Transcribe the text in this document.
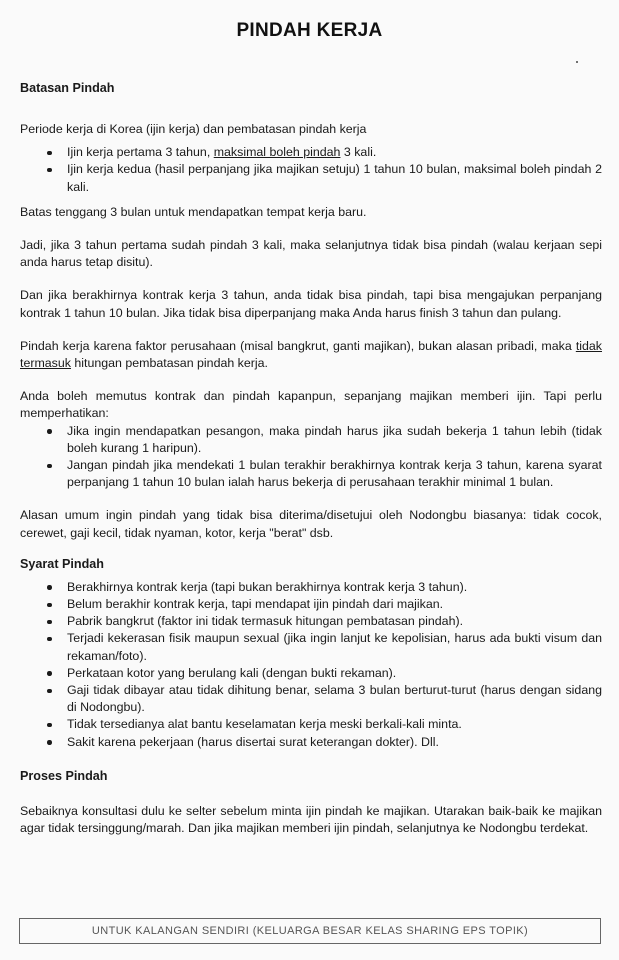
PINDAH KERJA
Batasan Pindah

Periode kerja di Korea (ijin kerja) dan pembatasan pindah kerja

Ijin kerja pertama 3 tahun, maksimal boleh pindah 3 kali.
Ijin kerja kedua (hasil perpanjang jika majikan setuju) 1 tahun 10 bulan, maksimal boleh pindah 2 kali.

Batas tenggang 3 bulan untuk mendapatkan tempat kerja baru.

Jadi, jika 3 tahun pertama sudah pindah 3 kali, maka selanjutnya tidak bisa pindah (walau kerjaan sepi anda harus tetap disitu).

Dan jika berakhirnya kontrak kerja 3 tahun, anda tidak bisa pindah, tapi bisa mengajukan perpanjang kontrak 1 tahun 10 bulan. Jika tidak bisa diperpanjang maka Anda harus finish 3 tahun dan pulang.

Pindah kerja karena faktor perusahaan (misal bangkrut, ganti majikan), bukan alasan pribadi, maka tidak termasuk hitungan pembatasan pindah kerja.

Anda boleh memutus kontrak dan pindah kapanpun, sepanjang majikan memberi ijin. Tapi perlu memperhatikan:

Jika ingin mendapatkan pesangon, maka pindah harus jika sudah bekerja 1 tahun lebih (tidak boleh kurang 1 haripun).
Jangan pindah jika mendekati 1 bulan terakhir berakhirnya kontrak kerja 3 tahun, karena syarat perpanjang 1 tahun 10 bulan ialah harus bekerja di perusahaan terakhir minimal 1 bulan.

Alasan umum ingin pindah yang tidak bisa diterima/disetujui oleh Nodongbu biasanya: tidak cocok, cerewet, gaji kecil, tidak nyaman, kotor, kerja "berat" dsb.

Syarat Pindah
Berakhirnya kontrak kerja (tapi bukan berakhirnya kontrak kerja 3 tahun).
Belum berakhir kontrak kerja, tapi mendapat ijin pindah dari majikan.
Pabrik bangkrut (faktor ini tidak termasuk hitungan pembatasan pindah).
Terjadi kekerasan fisik maupun sexual (jika ingin lanjut ke kepolisian, harus ada bukti visum dan rekaman/foto).
Perkataan kotor yang berulang kali (dengan bukti rekaman).
Gaji tidak dibayar atau tidak dihitung benar, selama 3 bulan berturut-turut (harus dengan sidang di Nodongbu).
Tidak tersedianya alat bantu keselamatan kerja meski berkali-kali minta.
Sakit karena pekerjaan (harus disertai surat keterangan dokter). Dll.
Proses Pindah

Sebaiknya konsultasi dulu ke selter sebelum minta ijin pindah ke majikan. Utarakan baik-baik ke majikan agar tidak tersinggung/marah. Dan jika majikan memberi ijin pindah, selanjutnya ke Nodongbu terdekat.

UNTUK KALANGAN SENDIRI (KELUARGA BESAR KELAS SHARING EPS TOPIK)
